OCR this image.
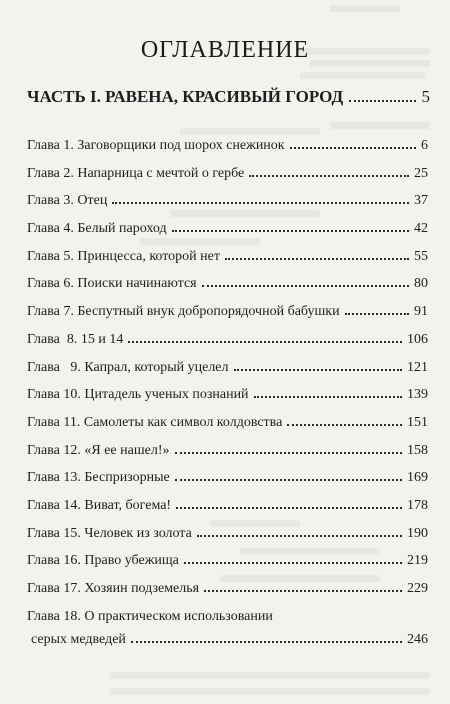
ОГЛАВЛЕНИЕ
ЧАСТЬ I. РАВЕНА, КРАСИВЫЙ ГОРОД	5
Глава 1. Заговорщики под шорох снежинок	6
Глава 2. Напарница с мечтой о гербе	25
Глава 3. Отец	37
Глава 4. Белый пароход	42
Глава 5. Принцесса, которой нет	55
Глава 6. Поиски начинаются	80
Глава 7. Беспутный внук добропорядочной бабушки	91
Глава  8. 15 и 14	106
Глава   9. Капрал, который уцелел	121
Глава 10. Цитадель ученых познаний	139
Глава 11. Самолеты как символ колдовства	151
Глава 12. «Я ее нашел!»	158
Глава 13. Беспризорные	169
Глава 14. Виват, богема!	178
Глава 15. Человек из золота	190
Глава 16. Право убежища	219
Глава 17. Хозяин подземелья	229
Глава 18. О практическом использовании
серых медведей	246
